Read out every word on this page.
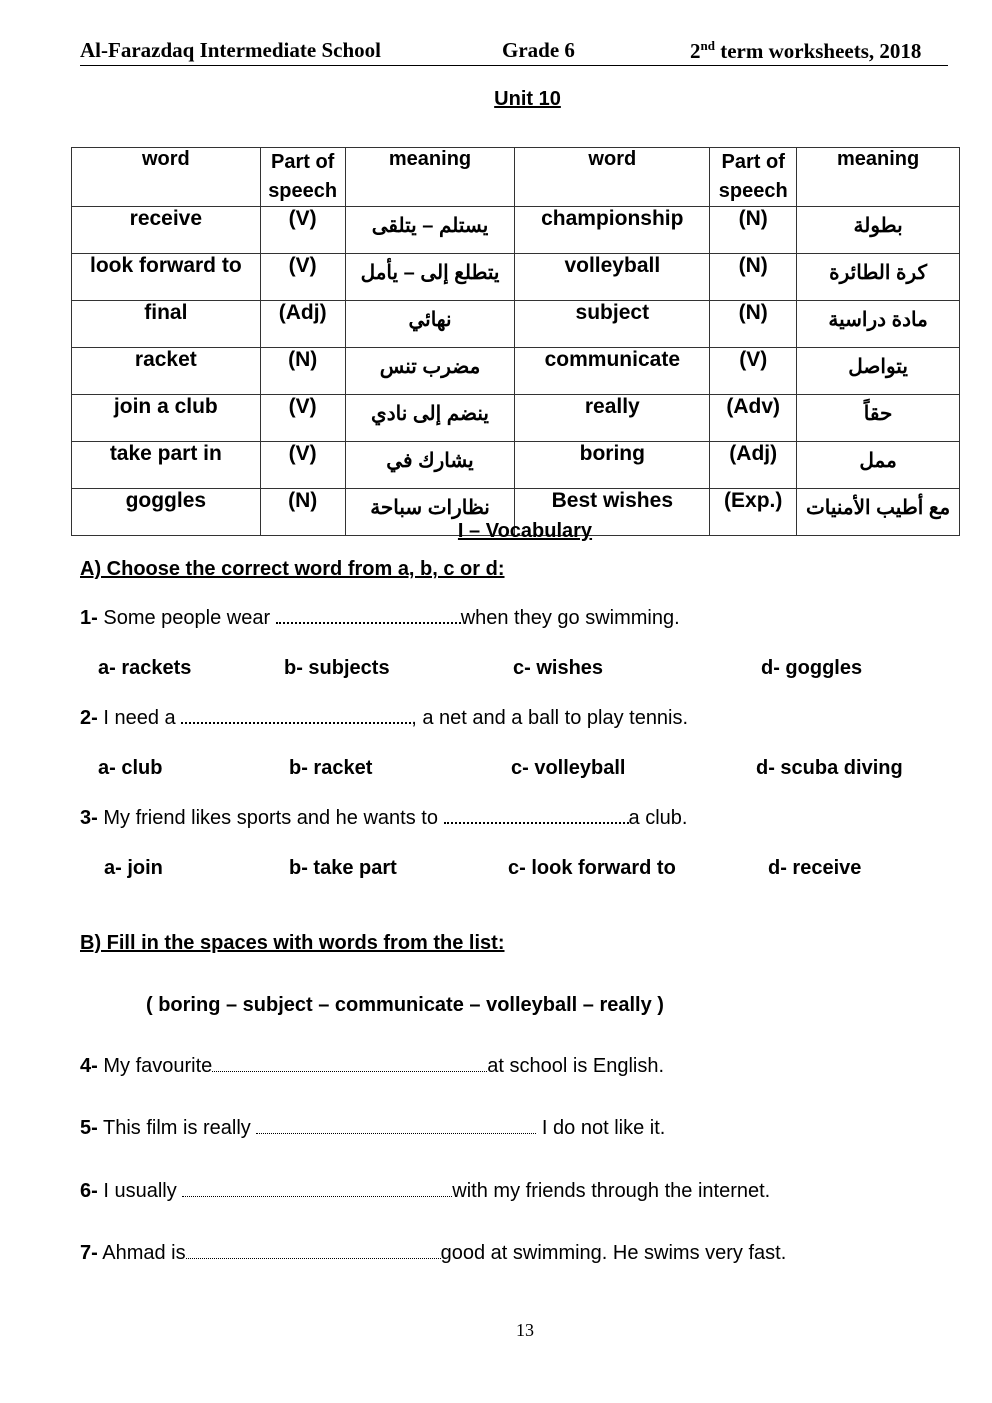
Al-Farazdaq Intermediate School	Grade 6	2nd term worksheets, 2018
Unit 10
word	Part of speech	meaning	word	Part of speech	meaning
receive	(V)	يستلم – يتلقى	championship	(N)	بطولة
look forward to	(V)	يتطلع إلى – يأمل	volleyball	(N)	كرة الطائرة
final	(Adj)	نهائي	subject	(N)	مادة دراسية
racket	(N)	مضرب تنس	communicate	(V)	يتواصل
join a club	(V)	ينضم إلى نادي	really	(Adv)	حقاً
take part in	(V)	يشارك في	boring	(Adj)	ممل
goggles	(N)	نظارات سباحة	Best wishes	(Exp.)	مع أطيب الأمنيات
I – Vocabulary
A) Choose the correct word from a, b, c or d:
1- Some people wear	when they go swimming.
a- rackets	b- subjects	c- wishes	d- goggles
2- I need a	, a net and a ball to play tennis.
a- club	b- racket	c- volleyball	d- scuba diving
3- My friend likes sports and he wants to	a club.
a- join	b- take part	c- look forward to	d- receive
B) Fill in the spaces with words from the list:
( boring – subject – communicate – volleyball – really )
4- My favourite	at school is English.
5- This film is really	I do not like it.
6- I usually	with my friends through the internet.
7- Ahmad is	good at swimming. He swims very fast.
13
